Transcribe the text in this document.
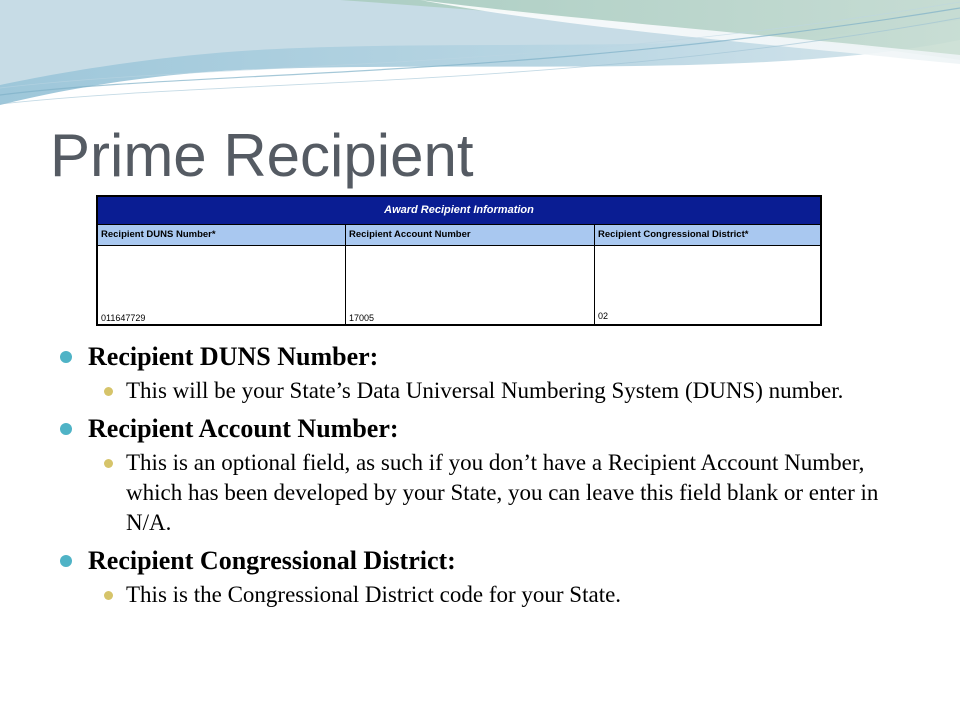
Prime Recipient
Award Recipient Information
Recipient DUNS Number*
011647729
Recipient Account Number
17005
Recipient Congressional District*
02
Recipient DUNS Number:
This will be your State’s Data Universal Numbering System (DUNS) number.
Recipient Account Number:
This is an optional field, as such if you don’t have a Recipient Account Number, which has been developed by your State, you can leave this field blank or enter in N/A.
Recipient Congressional District:
This is the Congressional District code for your State.
